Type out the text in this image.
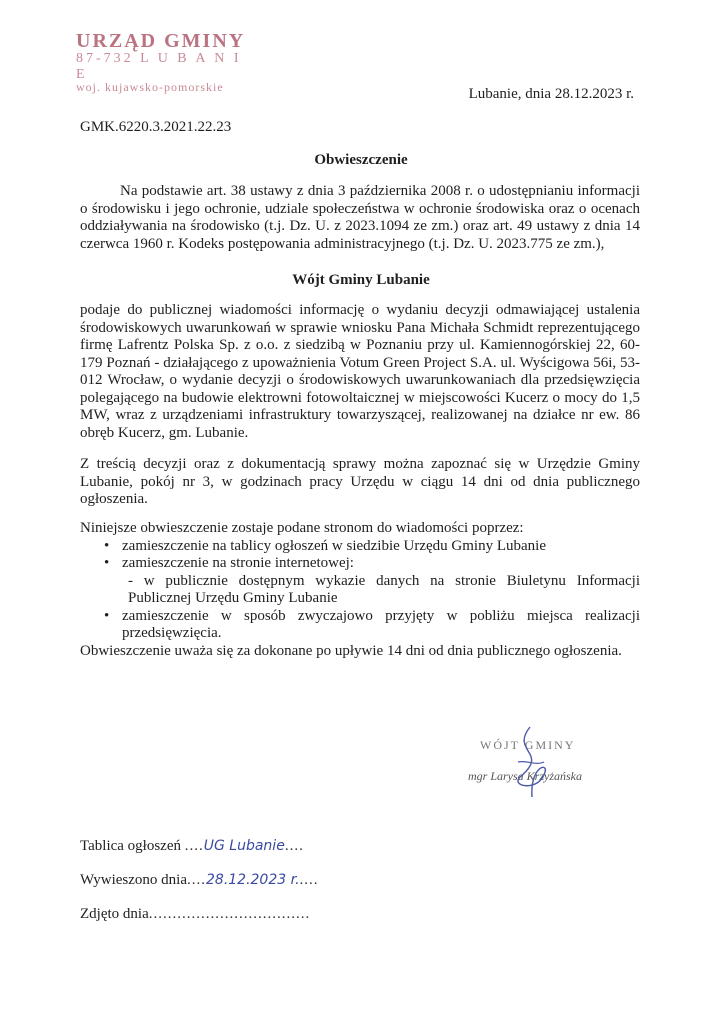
URZĄD GMINY
87-732 L U B A N I E
woj. kujawsko-pomorskie	Lubanie, dnia 28.12.2023 r.
GMK.6220.3.2021.22.23
Obwieszczenie
Na podstawie art. 38 ustawy z dnia 3 października 2008 r. o udostępnianiu informacji o środowisku i jego ochronie, udziale społeczeństwa w ochronie środowiska oraz o ocenach oddziaływania na środowisko (t.j. Dz. U. z 2023.1094 ze zm.) oraz art. 49 ustawy z dnia 14 czerwca 1960 r. Kodeks postępowania administracyjnego (t.j. Dz. U. 2023.775 ze zm.),
Wójt Gminy Lubanie
podaje do publicznej wiadomości informację o wydaniu decyzji odmawiającej ustalenia środowiskowych uwarunkowań w sprawie wniosku Pana Michała Schmidt reprezentującego firmę Lafrentz Polska Sp. z o.o. z siedzibą w Poznaniu przy ul. Kamiennogórskiej 22, 60-179 Poznań - działającego z upoważnienia Votum Green Project S.A. ul. Wyścigowa 56i, 53-012 Wrocław, o wydanie decyzji o środowiskowych uwarunkowaniach dla przedsięwzięcia polegającego na budowie elektrowni fotowoltaicznej w miejscowości Kucerz o mocy do 1,5 MW, wraz z urządzeniami infrastruktury towarzyszącej, realizowanej na działce nr ew. 86 obręb Kucerz, gm. Lubanie.
Z treścią decyzji oraz z dokumentacją sprawy można zapoznać się w Urzędzie Gminy Lubanie, pokój nr 3, w godzinach pracy Urzędu w ciągu 14 dni od dnia publicznego ogłoszenia.
Niniejsze obwieszczenie zostaje podane stronom do wiadomości poprzez:
• zamieszczenie na tablicy ogłoszeń w siedzibie Urzędu Gminy Lubanie
• zamieszczenie na stronie internetowej:
- w publicznie dostępnym wykazie danych na stronie Biuletynu Informacji Publicznej Urzędu Gminy Lubanie
• zamieszczenie w sposób zwyczajowo przyjęty w pobliżu miejsca realizacji przedsięwzięcia.
Obwieszczenie uważa się za dokonane po upływie 14 dni od dnia publicznego ogłoszenia.
WÓJT GMINY
mgr Larysa Krzyżańska
Tablica ogłoszeń ....UG Lubanie....
Wywieszono dnia....28.12.2023 r.....
Zdjęto dnia..................................
